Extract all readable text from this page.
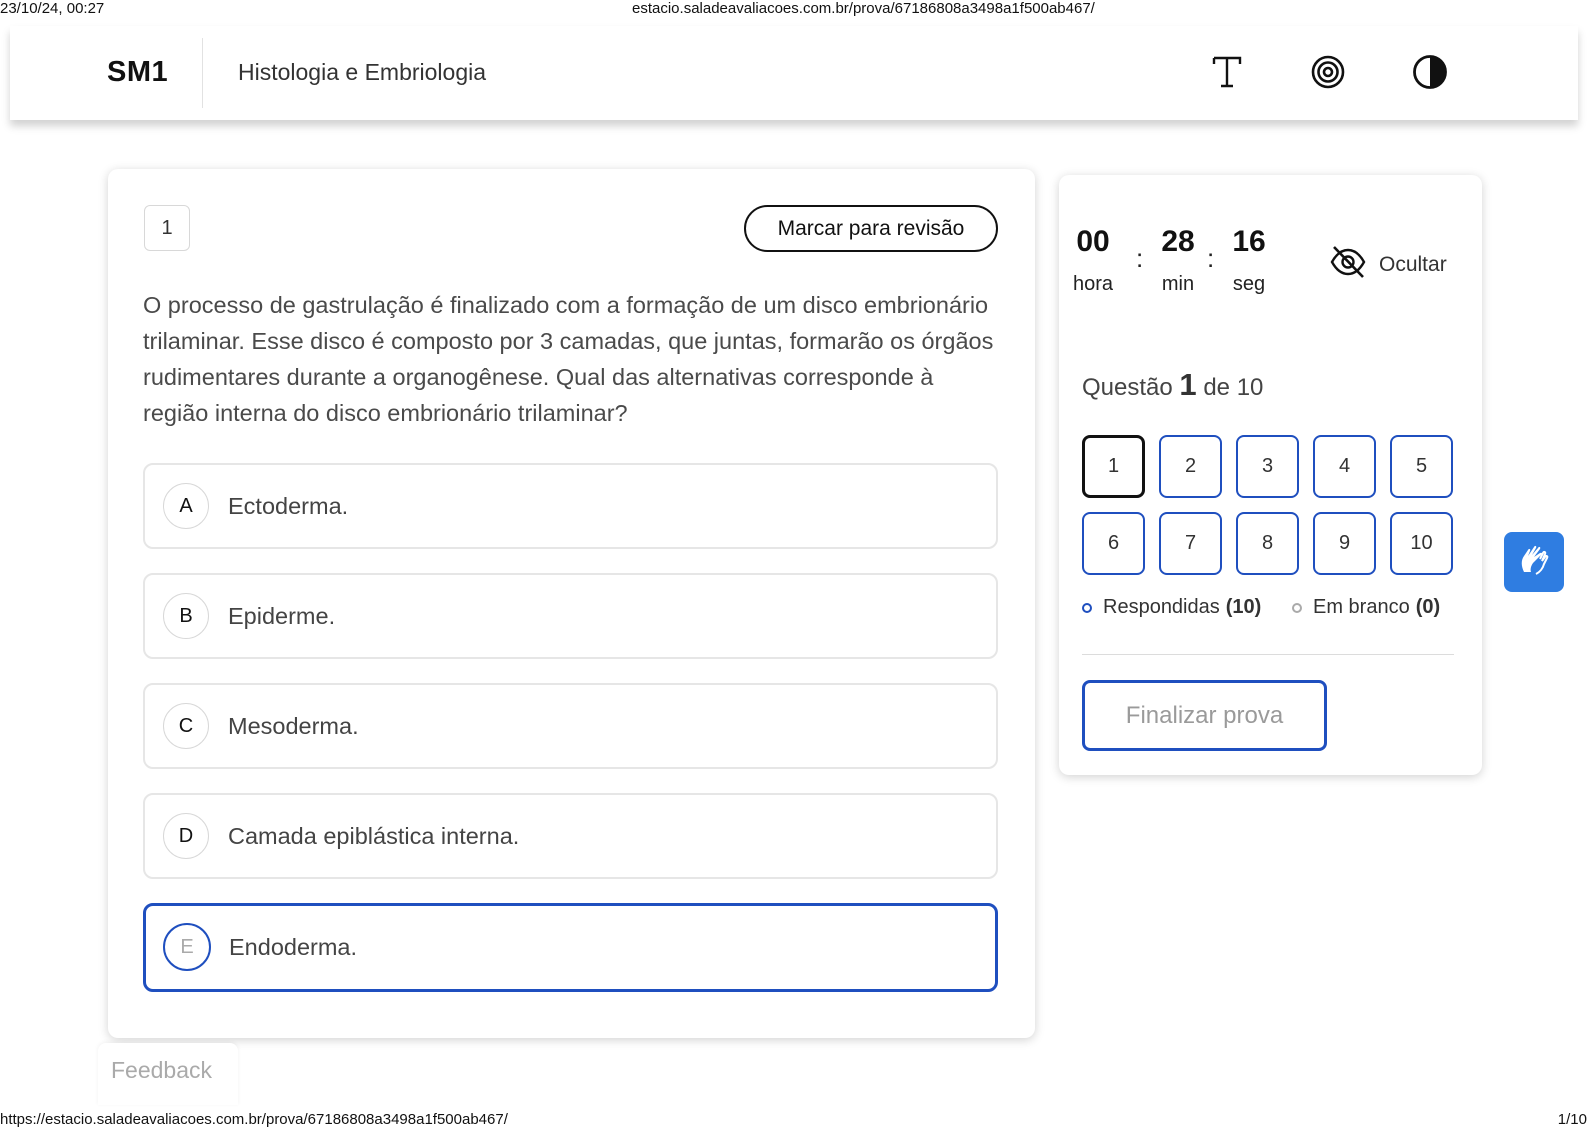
23/10/24, 00:27	estacio.saladeavaliacoes.com.br/prova/67186808a3498a1f500ab467/
https://estacio.saladeavaliacoes.com.br/prova/67186808a3498a1f500ab467/	1/10
SM1	Histologia e Embriologia
1	Marcar para revisão
O processo de gastrulação é finalizado com a formação de um disco embrionário trilaminar. Esse disco é composto por 3 camadas, que juntas, formarão os órgãos rudimentares durante a organogênese. Qual das alternativas corresponde à região interna do disco embrionário trilaminar?
A	Ectoderma.
B	Epiderme.
C	Mesoderma.
D	Camada epiblástica interna.
E	Endoderma.
00
hora
: 28
min
: 16
seg
Ocultar
Questão 1 de 10
1	2	3	4	5
6	7	8	9	10
Respondidas (10)	Em branco (0)
Finalizar prova
Feedback
